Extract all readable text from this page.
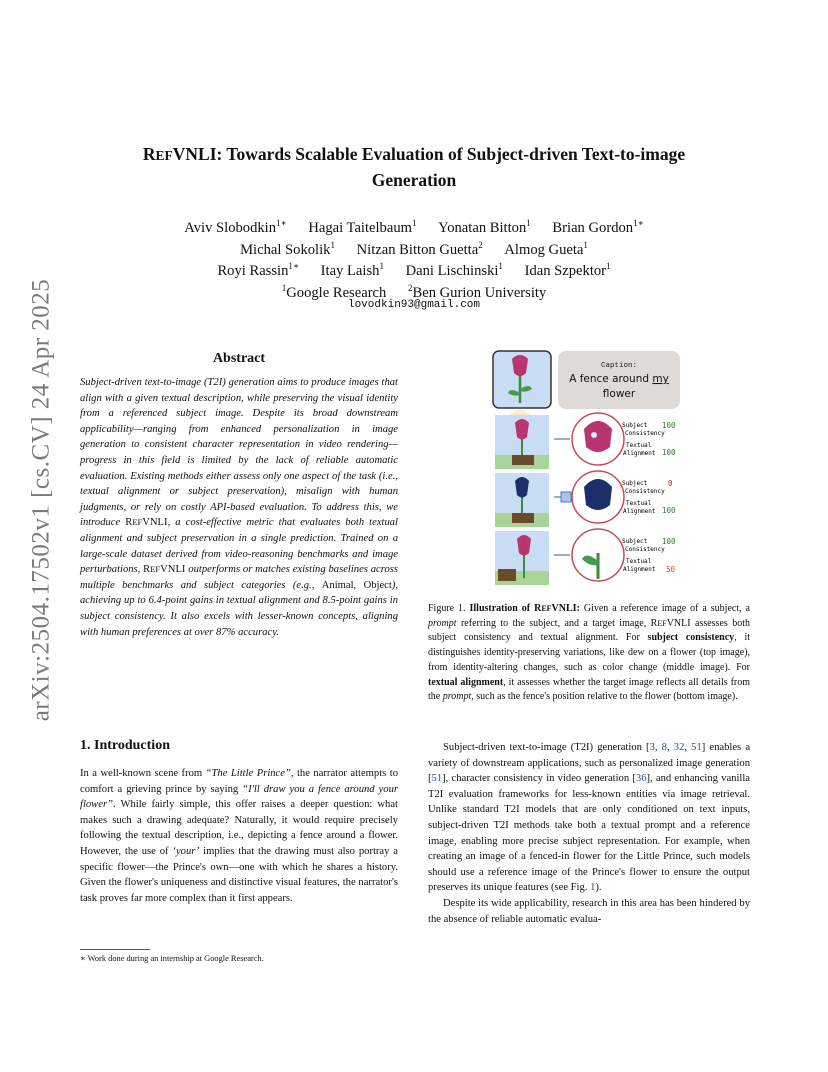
arXiv:2504.17502v1 [cs.CV] 24 Apr 2025
REFVNLI: Towards Scalable Evaluation of Subject-driven Text-to-image
Generation
Aviv Slobodkin$^{1∗}$ Hagai Taitelbaum$^1$ Yonatan Bitton$^1$ Brian Gordon$^{1∗}$
Michal Sokolik$^1$ Nitzan Bitton Guetta$^2$ Almog Gueta$^1$
Royi Rassin$^{1∗}$ Itay Laish$^1$ Dani Lischinski$^1$ Idan Szpektor$^1$
$^1$Google Research $^2$Ben Gurion University
lovodkin93@gmail.com
Abstract
Subject-driven text-to-image (T2I) generation aims to produce images that align with a given textual description, while preserving the visual identity from a referenced subject image. Despite its broad downstream applicability—ranging from enhanced personalization in image generation to consistent character representation in video rendering—progress in this field is limited by the lack of reliable automatic evaluation. Existing methods either assess only one aspect of the task (i.e., textual alignment or subject preservation), misalign with human judgments, or rely on costly API-based evaluation. To address this, we introduce REFVNLI, a cost-effective metric that evaluates both textual alignment and subject preservation in a single prediction. Trained on a large-scale dataset derived from video-reasoning benchmarks and image perturbations, REFVNLI outperforms or matches existing baselines across multiple benchmarks and subject categories (e.g., Animal, Object), achieving up to 6.4-point gains in textual alignment and 8.5-point gains in subject consistency. It also excels with lesser-known concepts, aligning with human preferences at over 87% accuracy.
1. Introduction

In a well-known scene from “The Little Prince”, the narrator attempts to comfort a grieving prince by saying “I'll draw you a fence around your flower”. While fairly simple, this offer raises a deeper question: what makes such a drawing adequate? Naturally, it would require precisely following the textual description, i.e., depicting a fence around a flower. However, the use of ‘your’ implies that the drawing must also portray a specific flower—the Prince's own—one with which he shares a history. Given the flower's uniqueness and distinctive visual features, the narrator's task proves far more complex than it first appears.

∗ Work done during an internship at Google Research.
Caption:
A fence around my
flower
Subject
Consistency
100
Textual
Alignment 100
Subject
Consistency
0
Textual
Alignment 100
Subject
Consistency
100
Textual
Alignment 50
Figure 1. Illustration of REFVNLI: Given a reference image of a subject, a prompt referring to the subject, and a target image, REFVNLI assesses both subject consistency and textual alignment. For subject consistency, it distinguishes identity-preserving variations, like dew on a flower (top image), from identity-altering changes, such as color change (middle image). For textual alignment, it assesses whether the target image reflects all details from the prompt, such as the fence's position relative to the flower (bottom image).

Subject-driven text-to-image (T2I) generation [3, 8, 32, 51] enables a variety of downstream applications, such as personalized image generation [51], character consistency in video generation [36], and enhancing vanilla T2I evaluation frameworks for less-known entities via image retrieval. Unlike standard T2I models that are only conditioned on text inputs, subject-driven T2I methods take both a textual prompt and a reference image, enabling more precise subject representation. For example, when creating an image of a fenced-in flower for the Little Prince, such models should use a reference image of the Prince's flower to ensure the output preserves its unique features (see Fig. 1).

Despite its wide applicability, research in this area has been hindered by the absence of reliable automatic evalua-
